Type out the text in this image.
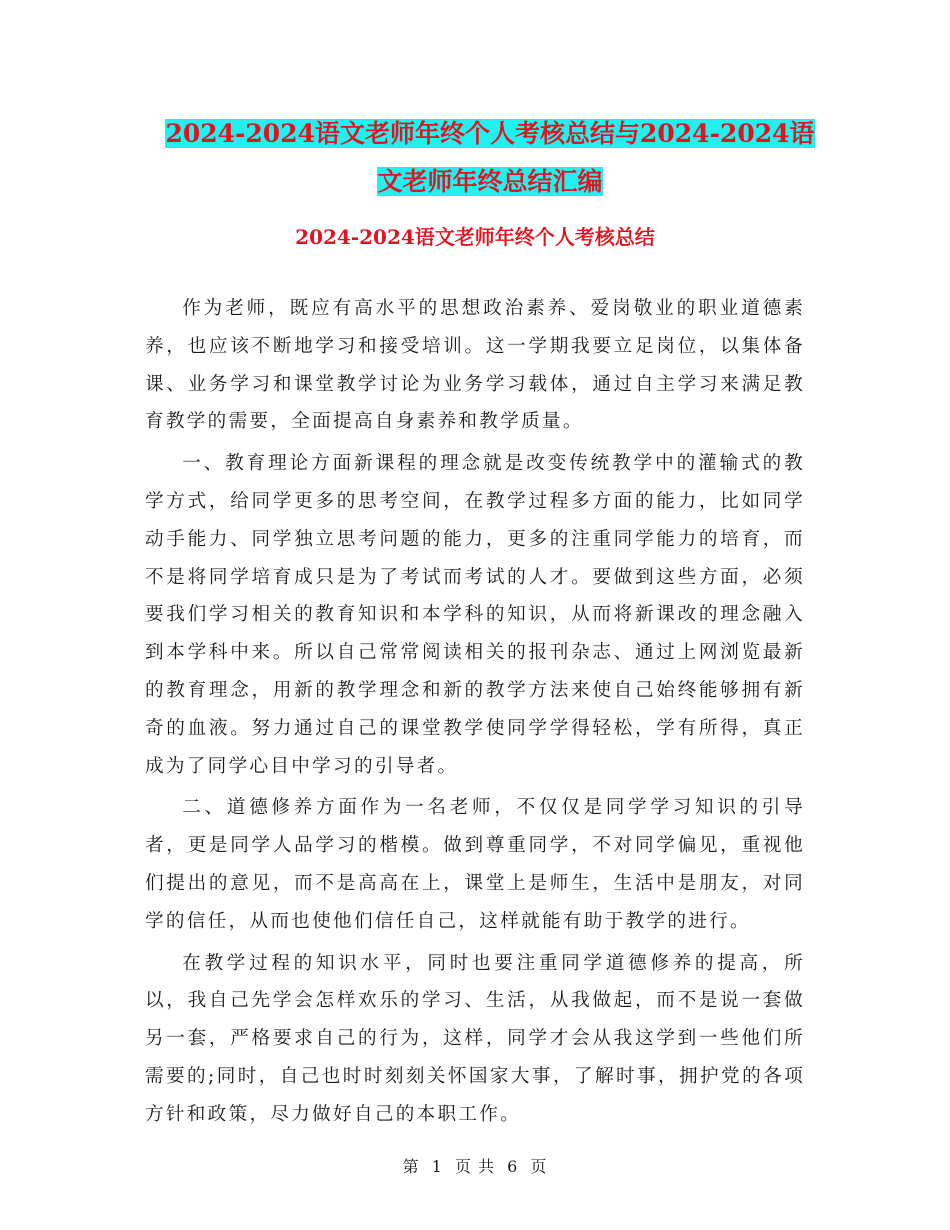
2024-2024语文老师年终个人考核总结与2024-2024语
文老师年终总结汇编
2024-2024语文老师年终个人考核总结

作为老师，既应有高水平的思想政治素养、爱岗敬业的职业道德素养，也应该不断地学习和接受培训。这一学期我要立足岗位，以集体备课、业务学习和课堂教学讨论为业务学习载体，通过自主学习来满足教育教学的需要，全面提高自身素养和教学质量。

一、教育理论方面新课程的理念就是改变传统教学中的灌输式的教学方式，给同学更多的思考空间，在教学过程多方面的能力，比如同学动手能力、同学独立思考问题的能力，更多的注重同学能力的培育，而不是将同学培育成只是为了考试而考试的人才。要做到这些方面，必须要我们学习相关的教育知识和本学科的知识，从而将新课改的理念融入到本学科中来。所以自己常常阅读相关的报刊杂志、通过上网浏览最新的教育理念，用新的教学理念和新的教学方法来使自己始终能够拥有新奇的血液。努力通过自己的课堂教学使同学学得轻松，学有所得，真正成为了同学心目中学习的引导者。

二、道德修养方面作为一名老师，不仅仅是同学学习知识的引导者，更是同学人品学习的楷模。做到尊重同学，不对同学偏见，重视他们提出的意见，而不是高高在上，课堂上是师生，生活中是朋友，对同学的信任，从而也使他们信任自己，这样就能有助于教学的进行。

在教学过程的知识水平，同时也要注重同学道德修养的提高，所以，我自己先学会怎样欢乐的学习、生活，从我做起，而不是说一套做另一套，严格要求自己的行为，这样，同学才会从我这学到一些他们所需要的;同时，自己也时时刻刻关怀国家大事，了解时事，拥护党的各项方针和政策，尽力做好自己的本职工作。

第 1 页 共 6 页
